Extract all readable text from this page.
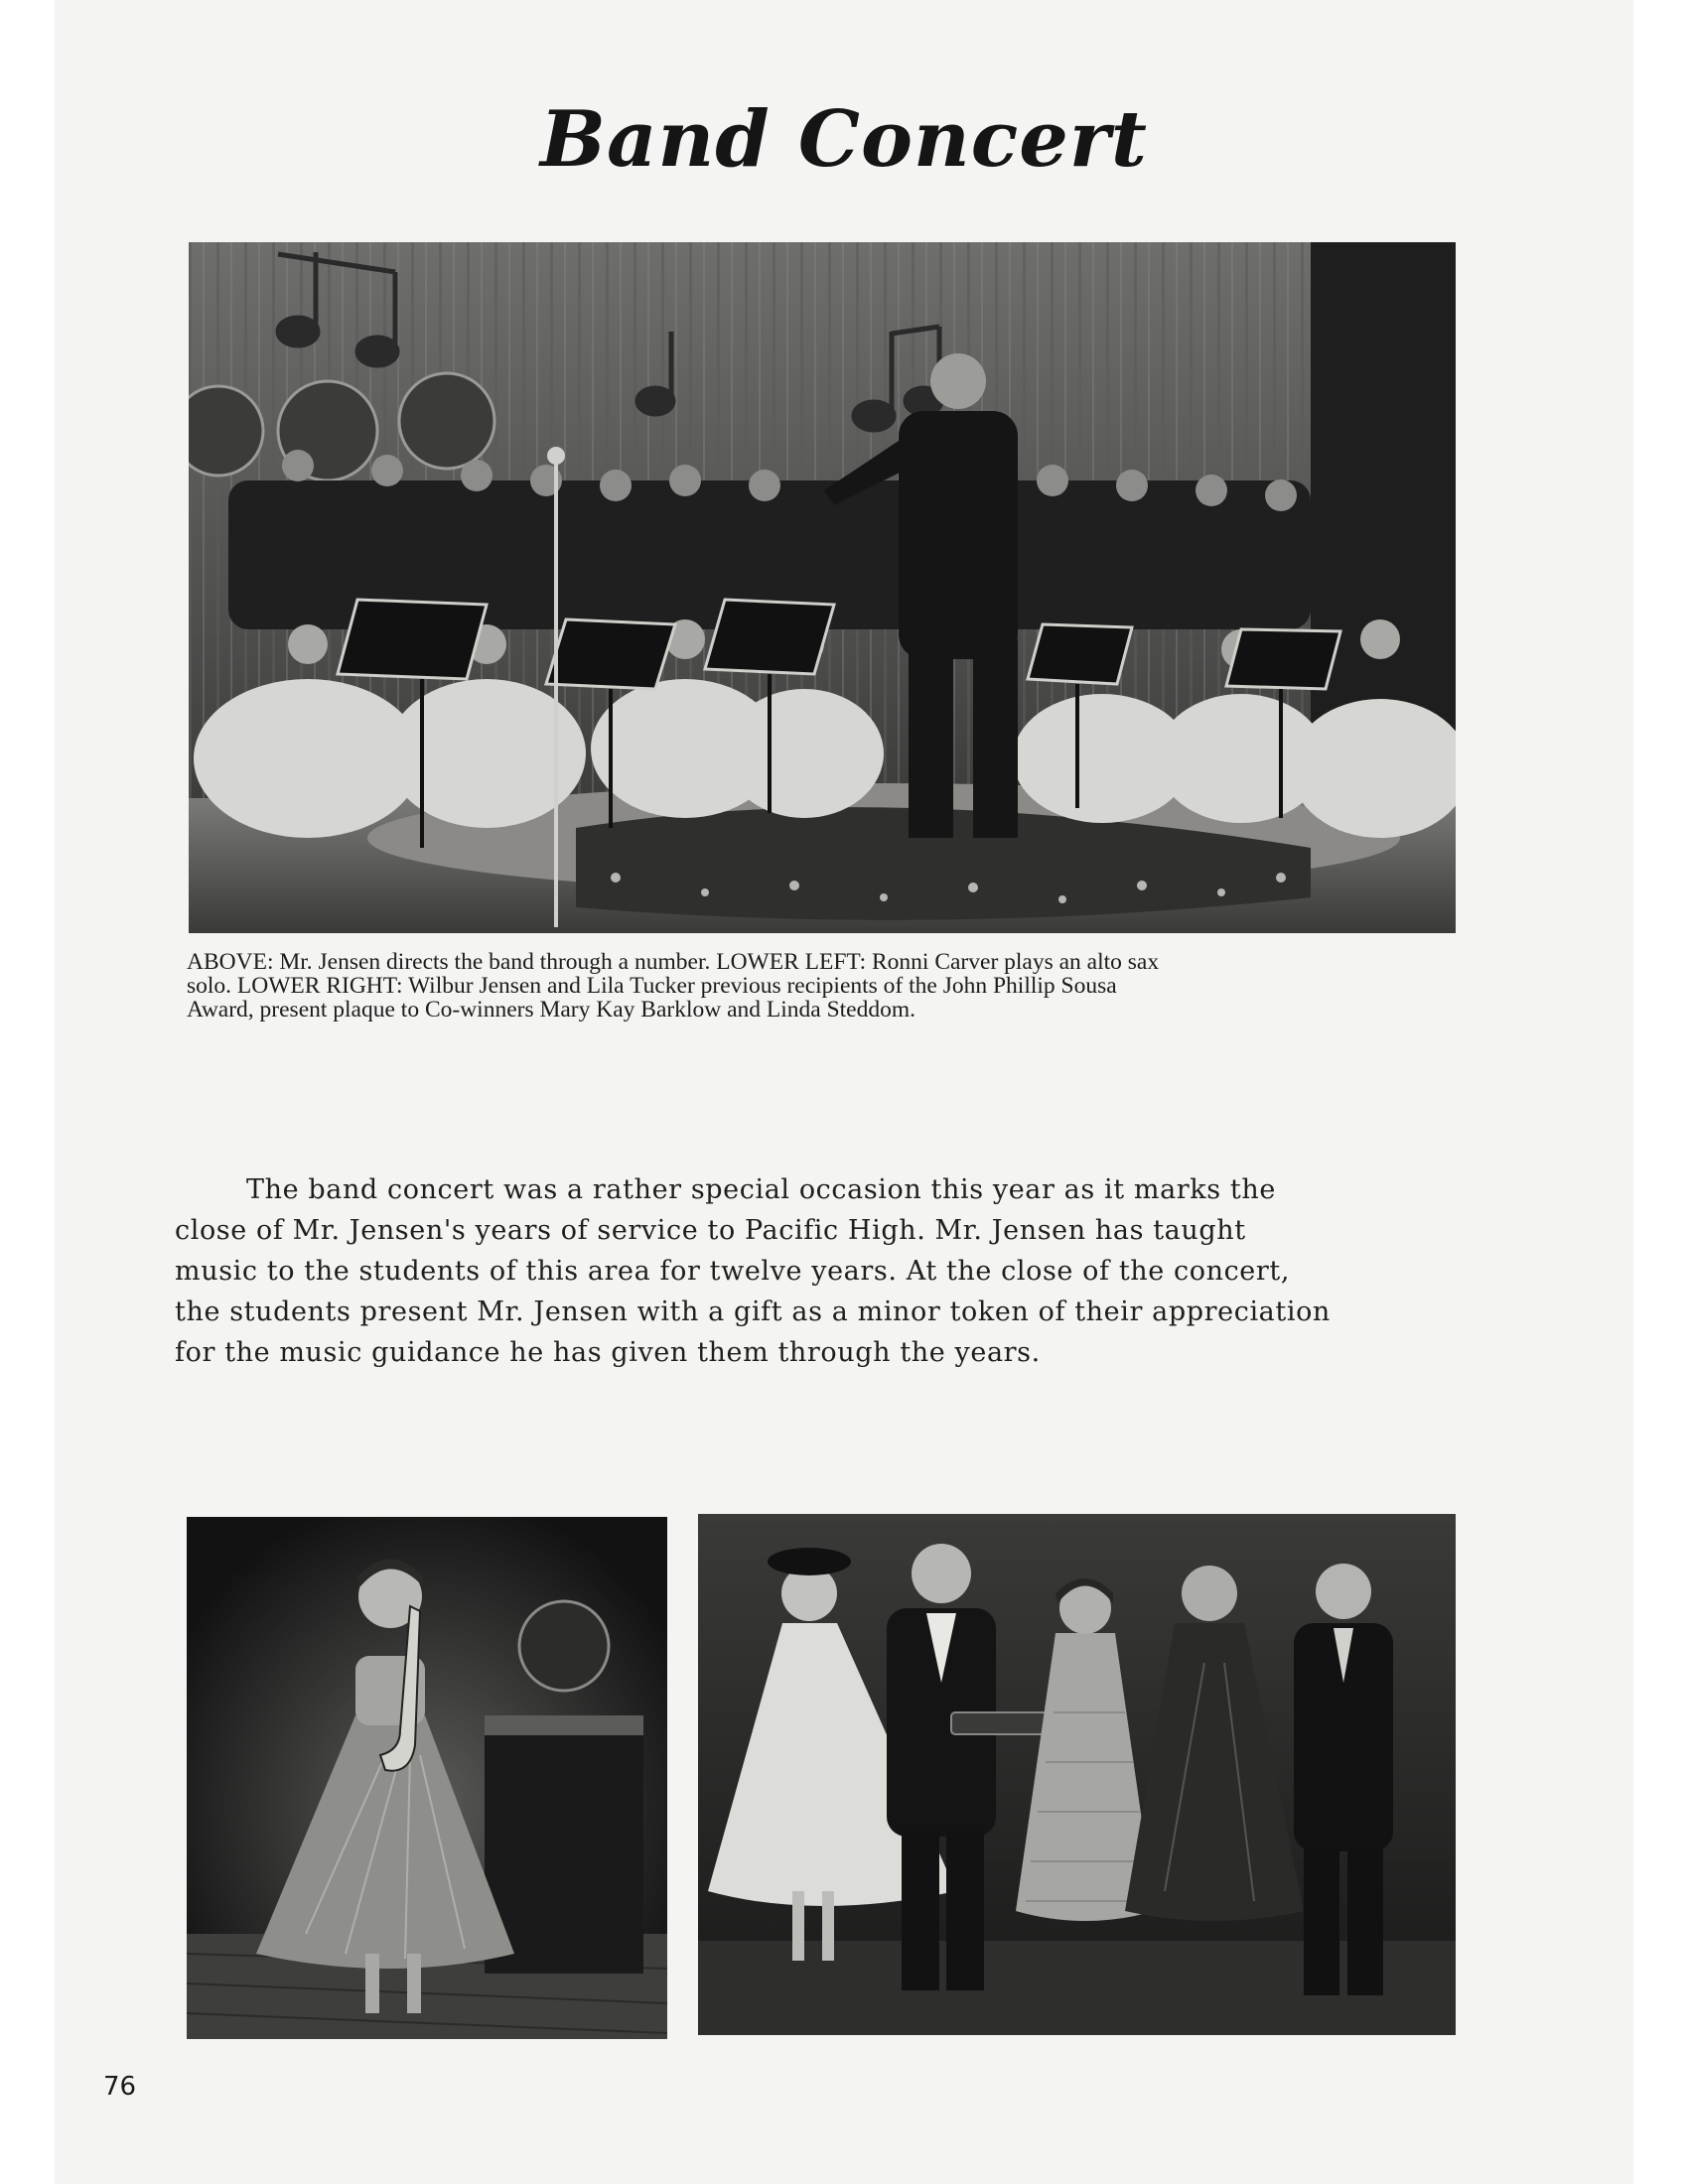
Band Concert

ABOVE: Mr. Jensen directs the band through a number. LOWER LEFT: Ronni Carver plays an alto sax

solo. LOWER RIGHT: Wilbur Jensen and Lila Tucker previous recipients of the John Phillip Sousa

Award, present plaque to Co-winners Mary Kay Barklow and Linda Steddom.

The band concert was a rather special occasion this year as it marks the

close of Mr. Jensen's years of service to Pacific High. Mr. Jensen has taught

music to the students of this area for twelve years. At the close of the concert,

the students present Mr. Jensen with a gift as a minor token of their appreciation

for the music guidance he has given them through the years.

76
